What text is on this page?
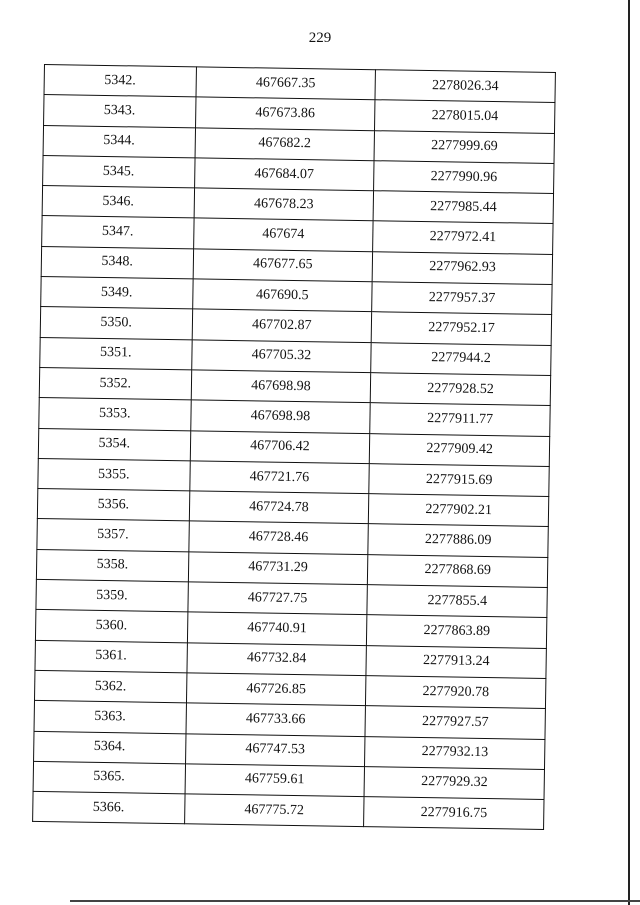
229
5342.	467667.35	2278026.34
5343.	467673.86	2278015.04
5344.	467682.2	2277999.69
5345.	467684.07	2277990.96
5346.	467678.23	2277985.44
5347.	467674	2277972.41
5348.	467677.65	2277962.93
5349.	467690.5	2277957.37
5350.	467702.87	2277952.17
5351.	467705.32	2277944.2
5352.	467698.98	2277928.52
5353.	467698.98	2277911.77
5354.	467706.42	2277909.42
5355.	467721.76	2277915.69
5356.	467724.78	2277902.21
5357.	467728.46	2277886.09
5358.	467731.29	2277868.69
5359.	467727.75	2277855.4
5360.	467740.91	2277863.89
5361.	467732.84	2277913.24
5362.	467726.85	2277920.78
5363.	467733.66	2277927.57
5364.	467747.53	2277932.13
5365.	467759.61	2277929.32
5366.	467775.72	2277916.75
